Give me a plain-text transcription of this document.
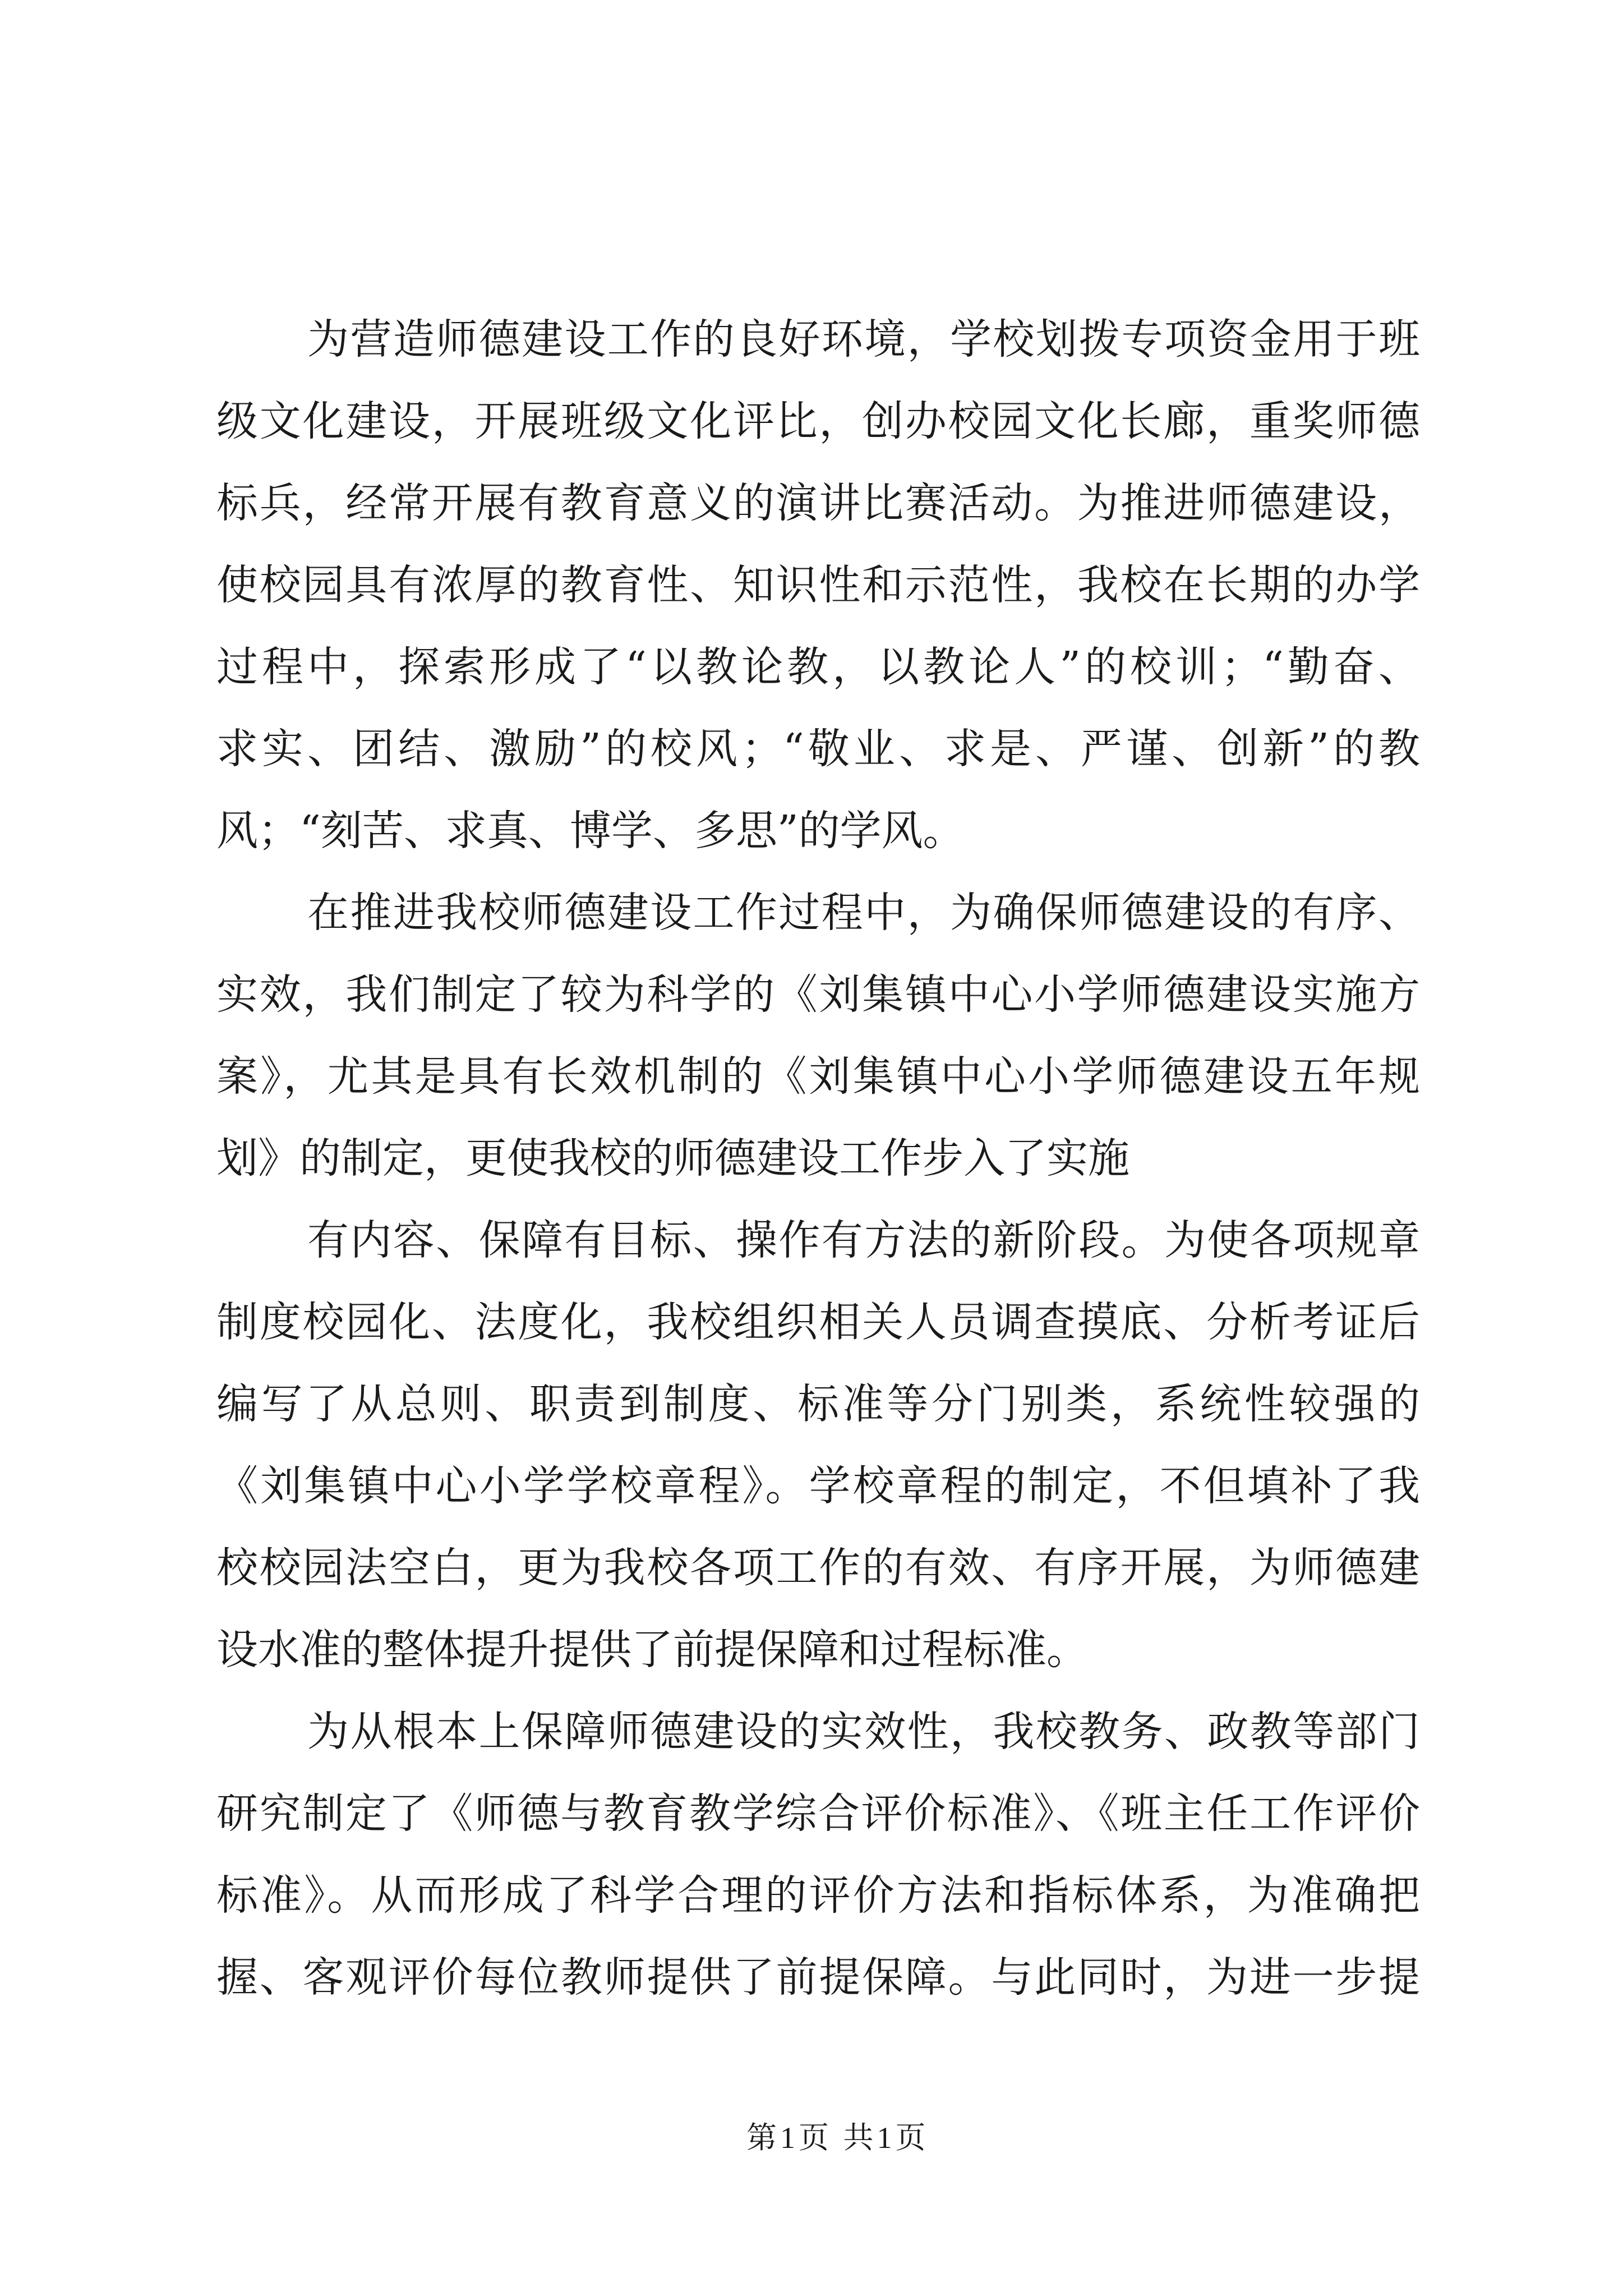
为营造师德建设工作的良好环境，学校划拨专项资金用于班
级文化建设，开展班级文化评比，创办校园文化长廊，重奖师德
标兵，经常开展有教育意义的演讲比赛活动。为推进师德建设，
使校园具有浓厚的教育性、知识性和示范性，我校在长期的办学
过程中，探索形成了“以教论教，以教论人”的校训；“勤奋、
求实、团结、激励”的校风；“敬业、求是、严谨、创新”的教
风；“刻苦、求真、博学、多思”的学风。
在推进我校师德建设工作过程中，为确保师德建设的有序、
实效，我们制定了较为科学的《刘集镇中心小学师德建设实施方
案》，尤其是具有长效机制的《刘集镇中心小学师德建设五年规
划》的制定，更使我校的师德建设工作步入了实施
有内容、保障有目标、操作有方法的新阶段。为使各项规章
制度校园化、法度化，我校组织相关人员调查摸底、分析考证后
编写了从总则、职责到制度、标准等分门别类，系统性较强的
《刘集镇中心小学学校章程》。学校章程的制定，不但填补了我
校校园法空白，更为我校各项工作的有效、有序开展，为师德建
设水准的整体提升提供了前提保障和过程标准。
为从根本上保障师德建设的实效性，我校教务、政教等部门
研究制定了《师德与教育教学综合评价标准》、《班主任工作评价
标准》。从而形成了科学合理的评价方法和指标体系，为准确把
握、客观评价每位教师提供了前提保障。与此同时，为进一步提
第1页 共1页
